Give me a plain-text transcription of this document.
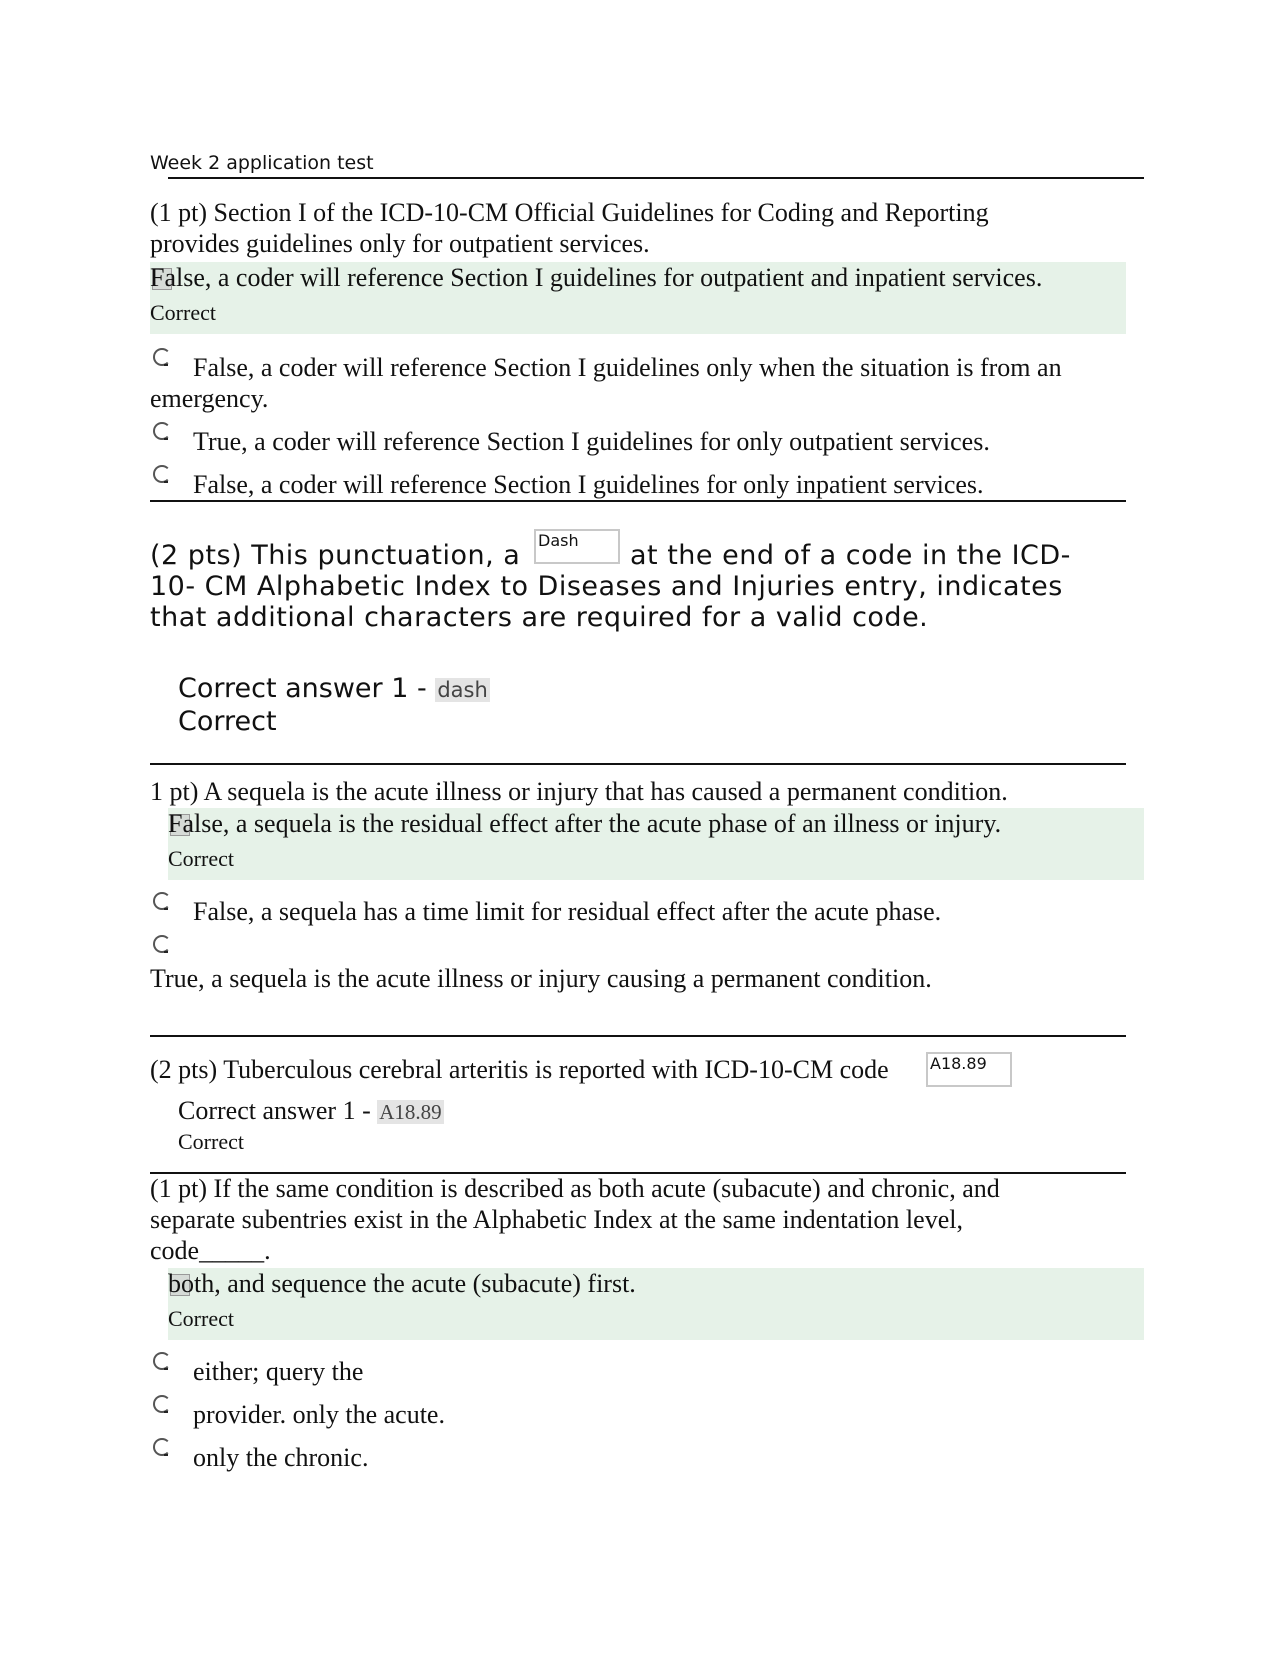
Week 2 application test
(1 pt) Section I of the ICD-10-CM Official Guidelines for Coding and Reporting provides guidelines only for outpatient services.
False, a coder will reference Section I guidelines for outpatient and inpatient services.
Correct
False, a coder will reference Section I guidelines only when the situation is from an emergency.
True, a coder will reference Section I guidelines for only outpatient services.
False, a coder will reference Section I guidelines for only inpatient services.
(2 pts) This punctuation, a Dash	at the end of a code in the ICD-10- CM Alphabetic Index to Diseases and Injuries entry, indicates that additional characters are required for a valid code.
Correct answer 1 - dash
Correct
1 pt) A sequela is the acute illness or injury that has caused a permanent condition.
False, a sequela is the residual effect after the acute phase of an illness or injury.
Correct
False, a sequela has a time limit for residual effect after the acute phase.
True, a sequela is the acute illness or injury causing a permanent condition.
(2 pts) Tuberculous cerebral arteritis is reported with ICD-10-CM code	A18.89
Correct answer 1 - A18.89
Correct
(1 pt) If the same condition is described as both acute (subacute) and chronic, and separate subentries exist in the Alphabetic Index at the same indentation level, code_____.
both, and sequence the acute (subacute) first.
Correct
either; query the
provider. only the acute.
only the chronic.
